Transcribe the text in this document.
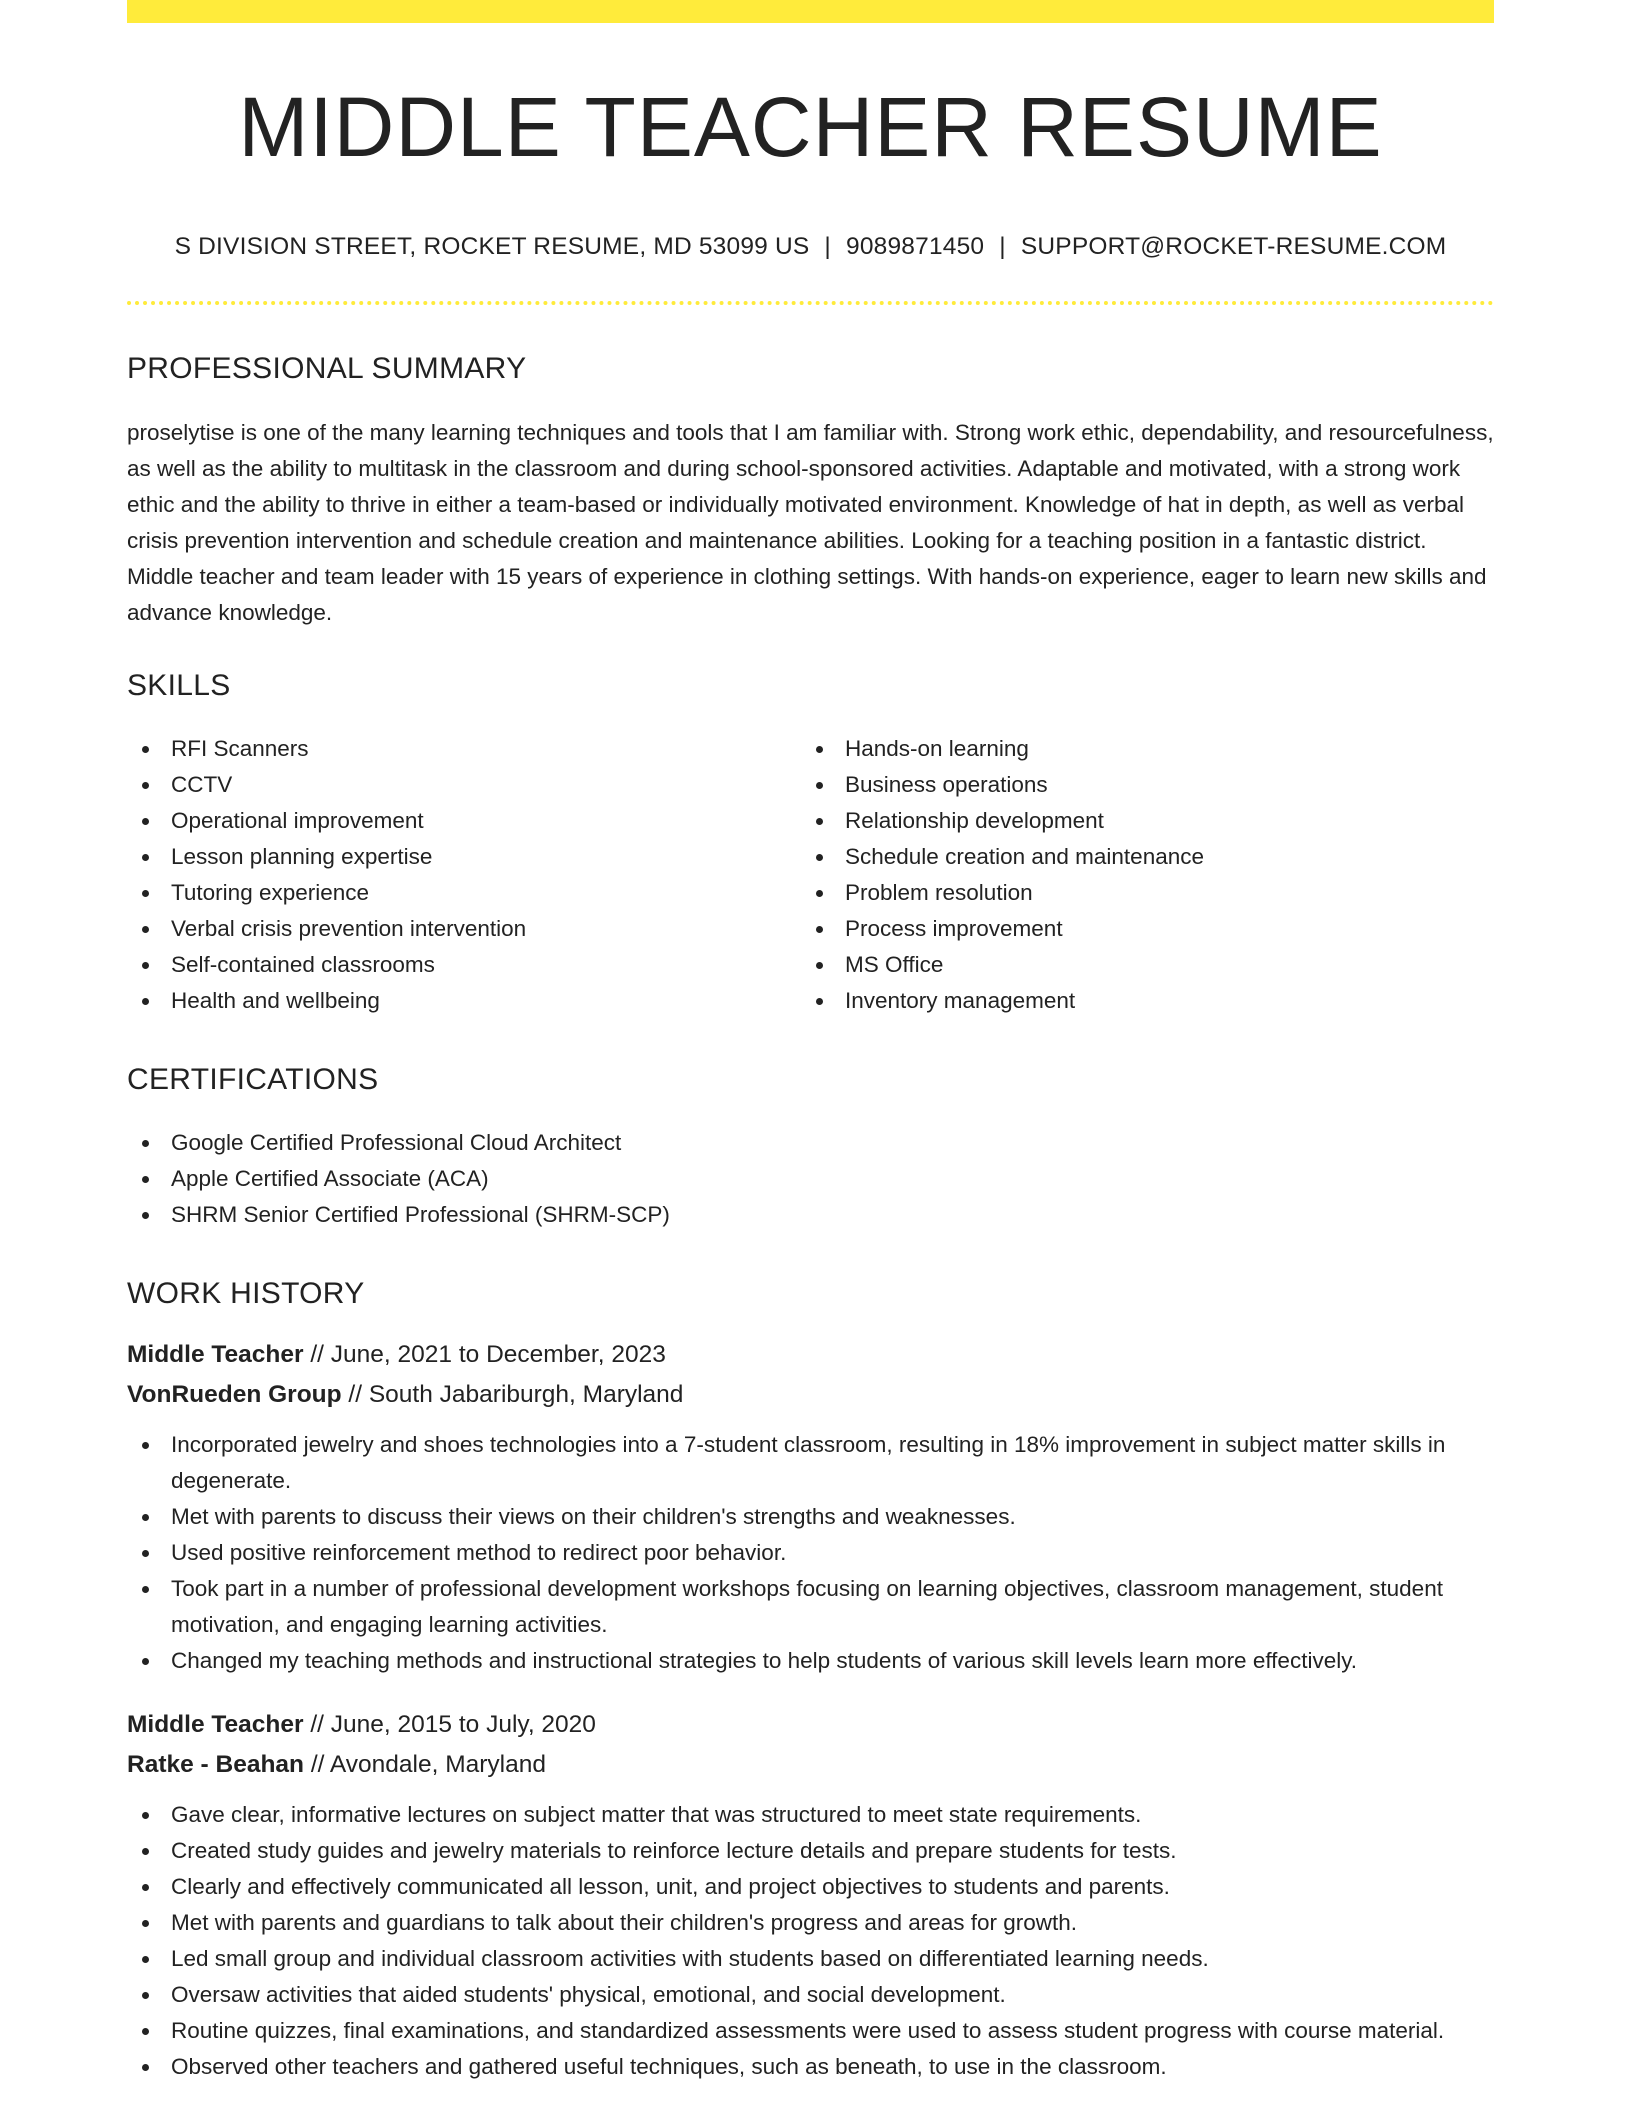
MIDDLE TEACHER RESUME
S DIVISION STREET, ROCKET RESUME, MD 53099 US | 9089871450 | SUPPORT@ROCKET-RESUME.COM
PROFESSIONAL SUMMARY

proselytise is one of the many learning techniques and tools that I am familiar with. Strong work ethic, dependability, and resourcefulness, as well as the ability to multitask in the classroom and during school-sponsored activities. Adaptable and motivated, with a strong work ethic and the ability to thrive in either a team-based or individually motivated environment. Knowledge of hat in depth, as well as verbal crisis prevention intervention and schedule creation and maintenance abilities. Looking for a teaching position in a fantastic district. Middle teacher and team leader with 15 years of experience in clothing settings. With hands-on experience, eager to learn new skills and advance knowledge.

SKILLS
RFI Scanners
CCTV
Operational improvement
Lesson planning expertise
Tutoring experience
Verbal crisis prevention intervention
Self-contained classrooms
Health and wellbeing
Hands-on learning
Business operations
Relationship development
Schedule creation and maintenance
Problem resolution
Process improvement
MS Office
Inventory management
CERTIFICATIONS
Google Certified Professional Cloud Architect
Apple Certified Associate (ACA)
SHRM Senior Certified Professional (SHRM-SCP)
WORK HISTORY
Middle Teacher // June, 2021 to December, 2023
VonRueden Group // South Jabariburgh, Maryland
Incorporated jewelry and shoes technologies into a 7-student classroom, resulting in 18% improvement in subject matter skills in degenerate.
Met with parents to discuss their views on their children's strengths and weaknesses.
Used positive reinforcement method to redirect poor behavior.
Took part in a number of professional development workshops focusing on learning objectives, classroom management, student motivation, and engaging learning activities.
Changed my teaching methods and instructional strategies to help students of various skill levels learn more effectively.
Middle Teacher // June, 2015 to July, 2020
Ratke - Beahan // Avondale, Maryland
Gave clear, informative lectures on subject matter that was structured to meet state requirements.
Created study guides and jewelry materials to reinforce lecture details and prepare students for tests.
Clearly and effectively communicated all lesson, unit, and project objectives to students and parents.
Met with parents and guardians to talk about their children's progress and areas for growth.
Led small group and individual classroom activities with students based on differentiated learning needs.
Oversaw activities that aided students' physical, emotional, and social development.
Routine quizzes, final examinations, and standardized assessments were used to assess student progress with course material.
Observed other teachers and gathered useful techniques, such as beneath, to use in the classroom.
